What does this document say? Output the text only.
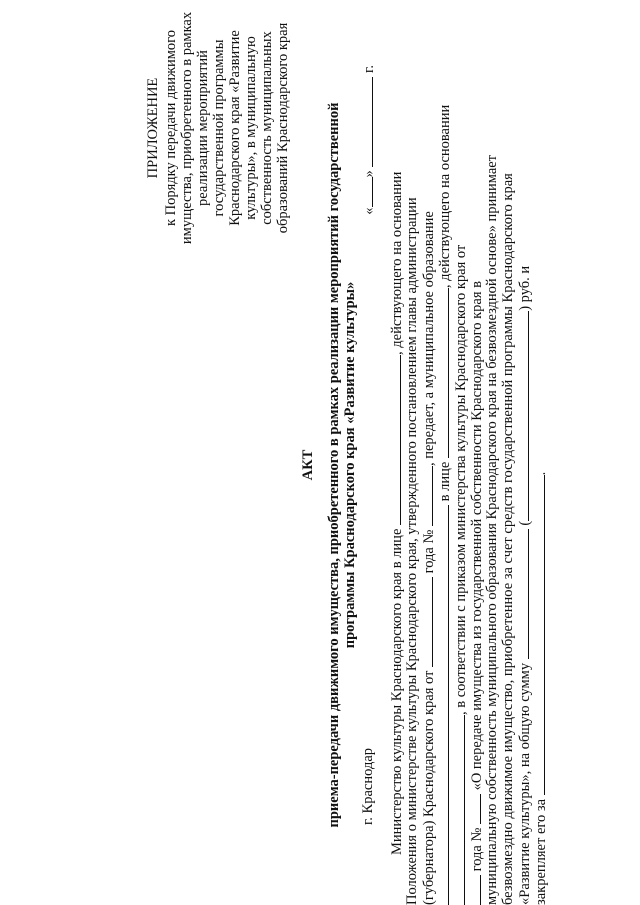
ПРИЛОЖЕНИЕ к Порядку передачи движимого имущества, приобретенного в рамках реализации мероприятий государственной программы Краснодарского края «Развитие культуры», в муниципальную собственность муниципальных образований Краснодарского края
АКТ приема-передачи движимого имущества, приобретенного в рамках реализации мероприятий государственной программы Краснодарского края «Развитие культуры»
г. Краснодар
«»  г.
Министерство культуры Краснодарского края в лице , действующего на основании Положения о министерстве культуры Краснодарского края, утвержденного постановлением главы администрации (губернатора) Краснодарского края от  года № , передает, а муниципальное образование
в лице , действующего на основании
, в соответствии с приказом министерства культуры Краснодарского края от
года №  «О передаче имущества из государственной собственности Краснодарского края в муниципальную собственность муниципального образования Краснодарского края на безвозмездной основе» принимает безвозмездно движимое имущество, приобретенное за счет средств государственной программы Краснодарского края «Развитие культуры», на общую сумму  () руб. и
закрепляет его за .
